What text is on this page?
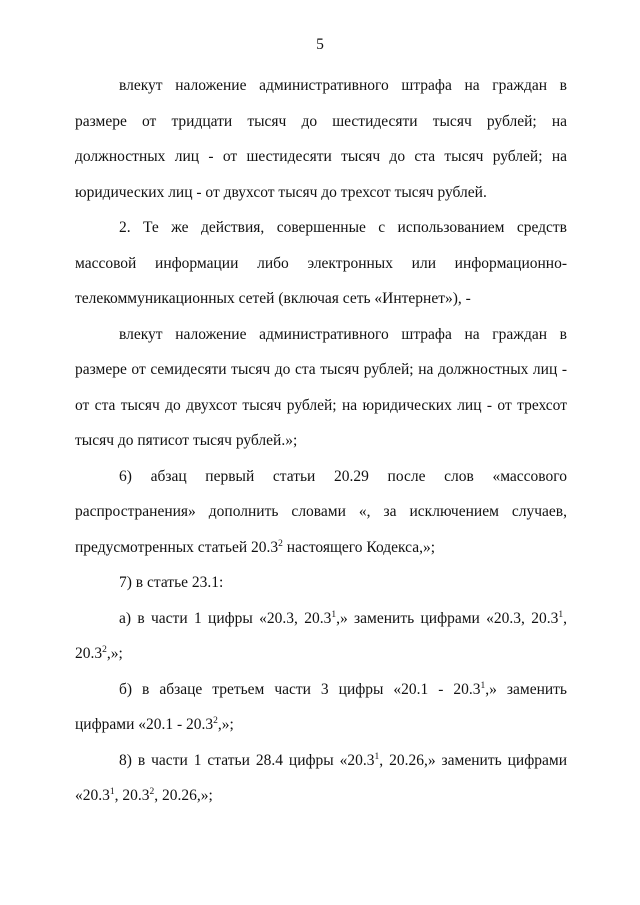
5

влекут наложение административного штрафа на граждан в размере от тридцати тысяч до шестидесяти тысяч рублей; на должностных лиц - от шестидесяти тысяч до ста тысяч рублей; на юридических лиц - от двухсот тысяч до трехсот тысяч рублей.

2. Те же действия, совершенные с использованием средств массовой информации либо электронных или информационно-телекоммуникационных сетей (включая сеть «Интернет»), -

влекут наложение административного штрафа на граждан в размере от семидесяти тысяч до ста тысяч рублей; на должностных лиц - от ста тысяч до двухсот тысяч рублей; на юридических лиц - от трехсот тысяч до пятисот тысяч рублей.»;

6) абзац первый статьи 20.29 после слов «массового распространения» дополнить словами «, за исключением случаев, предусмотренных статьей 20.3$^2$ настоящего Кодекса,»;

7) в статье 23.1:

а) в части 1 цифры «20.3, 20.3$^1$,» заменить цифрами «20.3, 20.3$^1$, 20.3$^2$,»;

б) в абзаце третьем части 3 цифры «20.1 - 20.3$^1$,» заменить цифрами «20.1 - 20.3$^2$,»;

8) в части 1 статьи 28.4 цифры «20.3$^1$, 20.26,» заменить цифрами «20.3$^1$, 20.3$^2$, 20.26,»;
